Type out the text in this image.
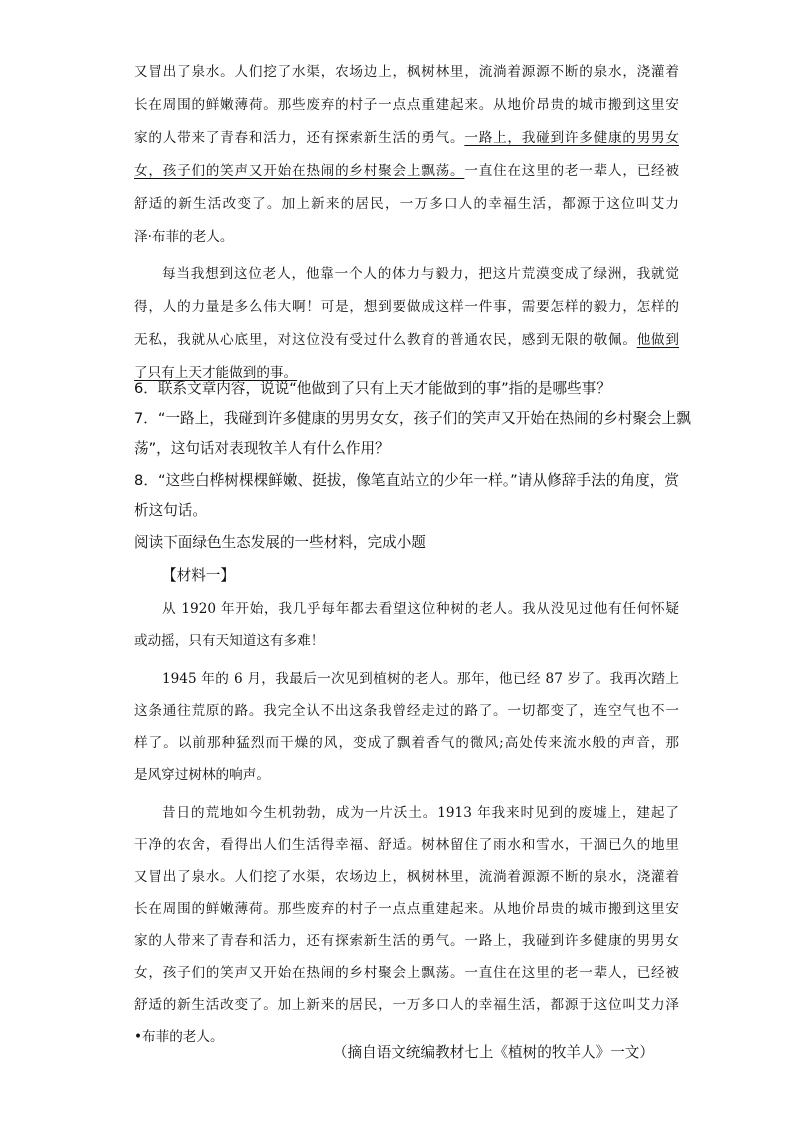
又冒出了泉水。人们挖了水渠，农场边上，枫树林里，流淌着源源不断的泉水，浇灌着
长在周围的鲜嫩薄荷。那些废弃的村子一点点重建起来。从地价昂贵的城市搬到这里安
家的人带来了青春和活力，还有探索新生活的勇气。一路上，我碰到许多健康的男男女
女，孩子们的笑声又开始在热闹的乡村聚会上飘荡。一直住在这里的老一辈人，已经被
舒适的新生活改变了。加上新来的居民，一万多口人的幸福生活，都源于这位叫艾力
泽·布菲的老人。
每当我想到这位老人，他靠一个人的体力与毅力，把这片荒漠变成了绿洲，我就觉
得，人的力量是多么伟大啊！可是，想到要做成这样一件事，需要怎样的毅力，怎样的
无私，我就从心底里，对这位没有受过什么教育的普通农民，感到无限的敬佩。他做到
了只有上天才能做到的事。
6．联系文章内容，说说“他做到了只有上天才能做到的事”指的是哪些事？
7．“一路上，我碰到许多健康的男男女女，孩子们的笑声又开始在热闹的乡村聚会上飘
荡”，这句话对表现牧羊人有什么作用？
8．“这些白桦树棵棵鲜嫩、挺拔，像笔直站立的少年一样。”请从修辞手法的角度，赏
析这句话。
阅读下面绿色生态发展的一些材料，完成小题
【材料一】
从 1920 年开始，我几乎每年都去看望这位种树的老人。我从没见过他有任何怀疑
或动摇，只有天知道这有多难！
1945 年的 6 月，我最后一次见到植树的老人。那年，他已经 87 岁了。我再次踏上
这条通往荒原的路。我完全认不出这条我曾经走过的路了。一切都变了，连空气也不一
样了。以前那种猛烈而干燥的风，变成了飘着香气的微风;高处传来流水般的声音，那
是风穿过树林的响声。
昔日的荒地如今生机勃勃，成为一片沃土。1913 年我来时见到的废墟上，建起了
干净的农舍，看得出人们生活得幸福、舒适。树林留住了雨水和雪水，干涸已久的地里
又冒出了泉水。人们挖了水渠，农场边上，枫树林里，流淌着源源不断的泉水，浇灌着
长在周围的鲜嫩薄荷。那些废弃的村子一点点重建起来。从地价昂贵的城市搬到这里安
家的人带来了青春和活力，还有探索新生活的勇气。一路上，我碰到许多健康的男男女
女，孩子们的笑声又开始在热闹的乡村聚会上飘荡。一直住在这里的老一辈人，已经被
舒适的新生活改变了。加上新来的居民，一万多口人的幸福生活，都源于这位叫艾力泽
•布菲的老人。
（摘自语文统编教材七上《植树的牧羊人》一文）
